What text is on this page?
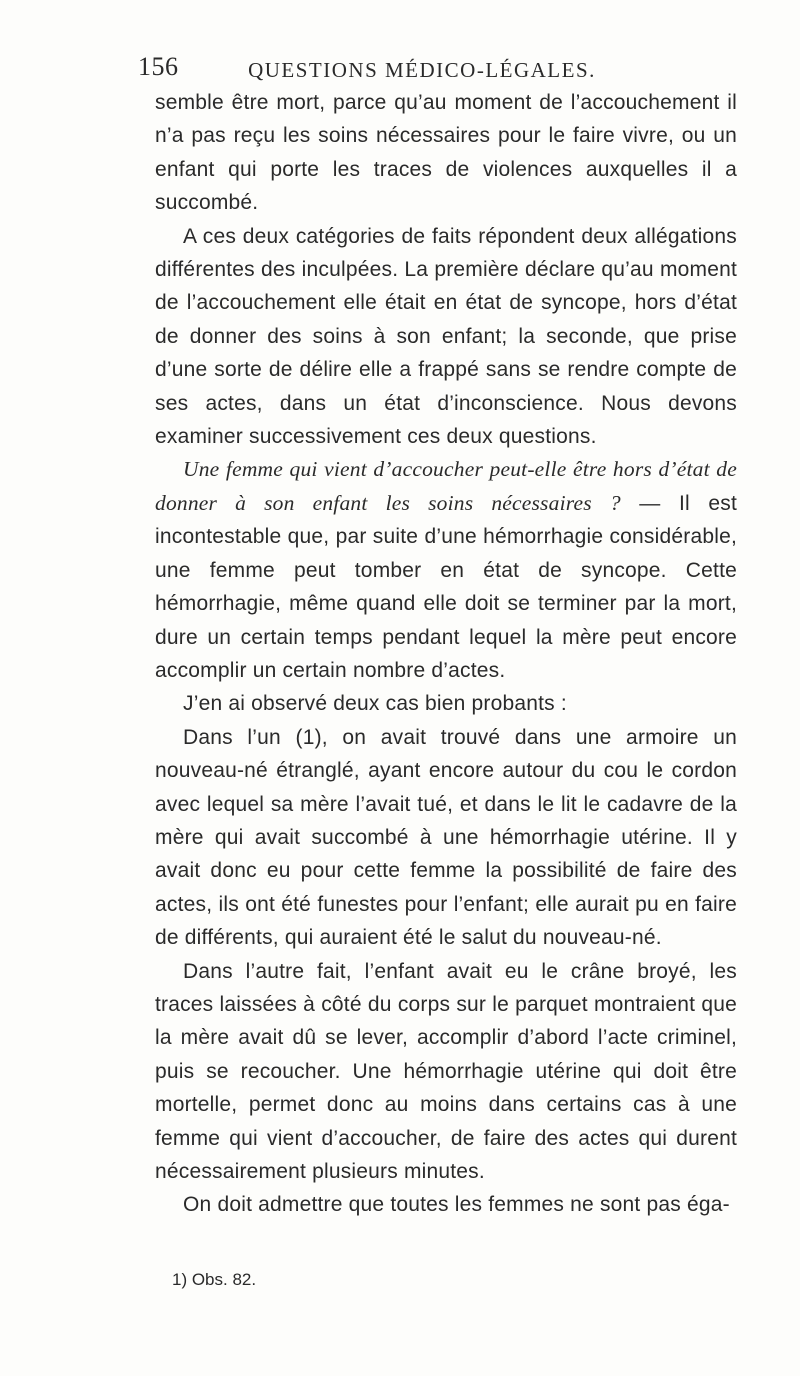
156	QUESTIONS MÉDICO-LÉGALES.

semble être mort, parce qu’au moment de l’accouchement il n’a pas reçu les soins nécessaires pour le faire vivre, ou un enfant qui porte les traces de violences auxquelles il a succombé.

A ces deux catégories de faits répondent deux allégations différentes des inculpées. La première déclare qu’au moment de l’accouchement elle était en état de syncope, hors d’état de donner des soins à son enfant; la seconde, que prise d’une sorte de délire elle a frappé sans se rendre compte de ses actes, dans un état d’inconscience. Nous devons examiner successivement ces deux questions.

Une femme qui vient d’accoucher peut-elle être hors d’état de donner à son enfant les soins nécessaires ? — Il est incontestable que, par suite d’une hémorrhagie considérable, une femme peut tomber en état de syncope. Cette hémorrhagie, même quand elle doit se terminer par la mort, dure un certain temps pendant lequel la mère peut encore accomplir un certain nombre d’actes.

J’en ai observé deux cas bien probants :

Dans l’un (1), on avait trouvé dans une armoire un nouveau-né étranglé, ayant encore autour du cou le cordon avec lequel sa mère l’avait tué, et dans le lit le cadavre de la mère qui avait succombé à une hémorrhagie utérine. Il y avait donc eu pour cette femme la possibilité de faire des actes, ils ont été funestes pour l’enfant; elle aurait pu en faire de différents, qui auraient été le salut du nouveau-né.

Dans l’autre fait, l’enfant avait eu le crâne broyé, les traces laissées à côté du corps sur le parquet montraient que la mère avait dû se lever, accomplir d’abord l’acte criminel, puis se recoucher. Une hémorrhagie utérine qui doit être mortelle, permet donc au moins dans certains cas à une femme qui vient d’accoucher, de faire des actes qui durent nécessairement plusieurs minutes.

On doit admettre que toutes les femmes ne sont pas éga-

1) Obs. 82.
